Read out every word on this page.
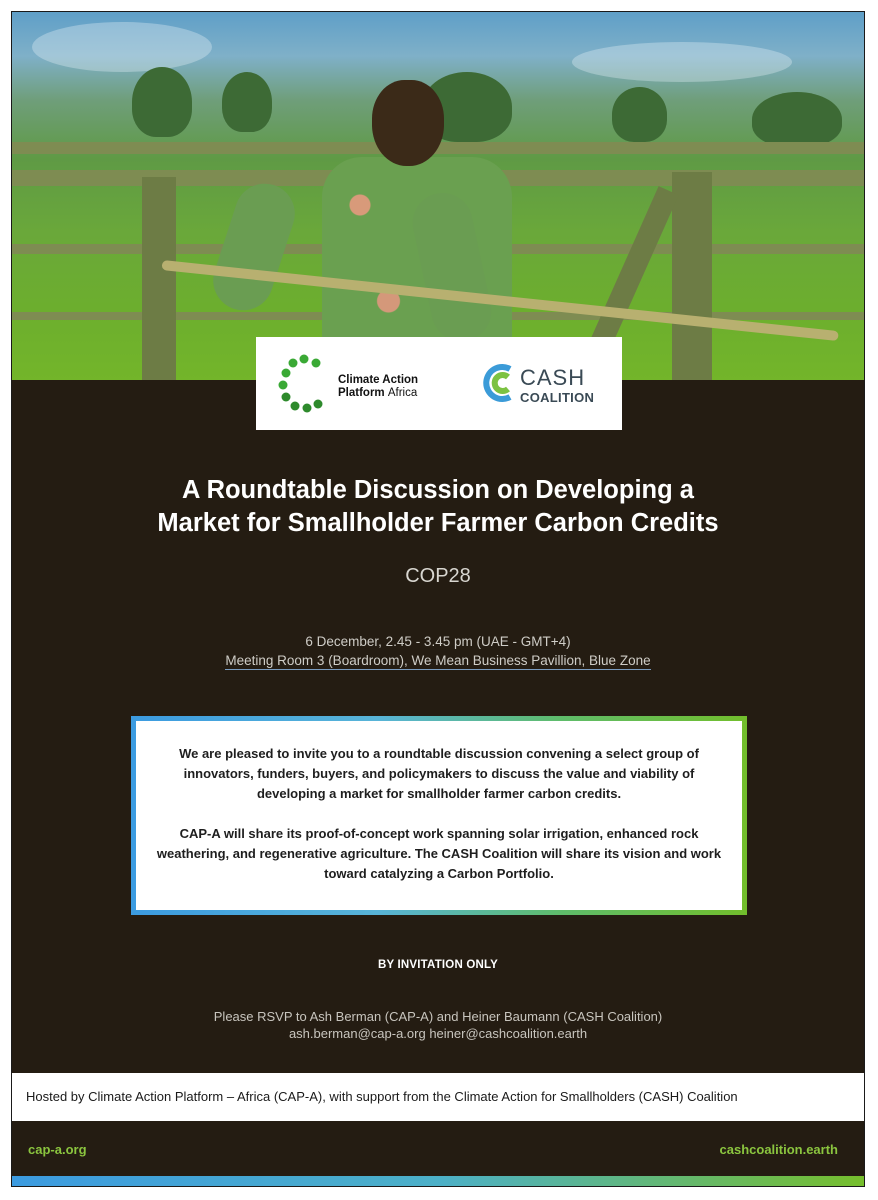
Climate Action
Platform Africa
CASH
COALITION
A Roundtable Discussion on Developing a
Market for Smallholder Farmer Carbon Credits
COP28
6 December, 2.45 - 3.45 pm (UAE - GMT+4)
Meeting Room 3 (Boardroom), We Mean Business Pavillion, Blue Zone

We are pleased to invite you to a roundtable discussion convening a select group of innovators, funders, buyers, and policymakers to discuss the value and viability of developing a market for smallholder farmer carbon credits.

CAP-A will share its proof-of-concept work spanning solar irrigation, enhanced rock weathering, and regenerative agriculture. The CASH Coalition will share its vision and work toward catalyzing a Carbon Portfolio.

BY INVITATION ONLY
Please RSVP to Ash Berman (CAP-A) and Heiner Baumann (CASH Coalition)
ash.berman@cap-a.org heiner@cashcoalition.earth
Hosted by Climate Action Platform – Africa (CAP-A), with support from the Climate Action for Smallholders (CASH) Coalition
cap-a.org	cashcoalition.earth
